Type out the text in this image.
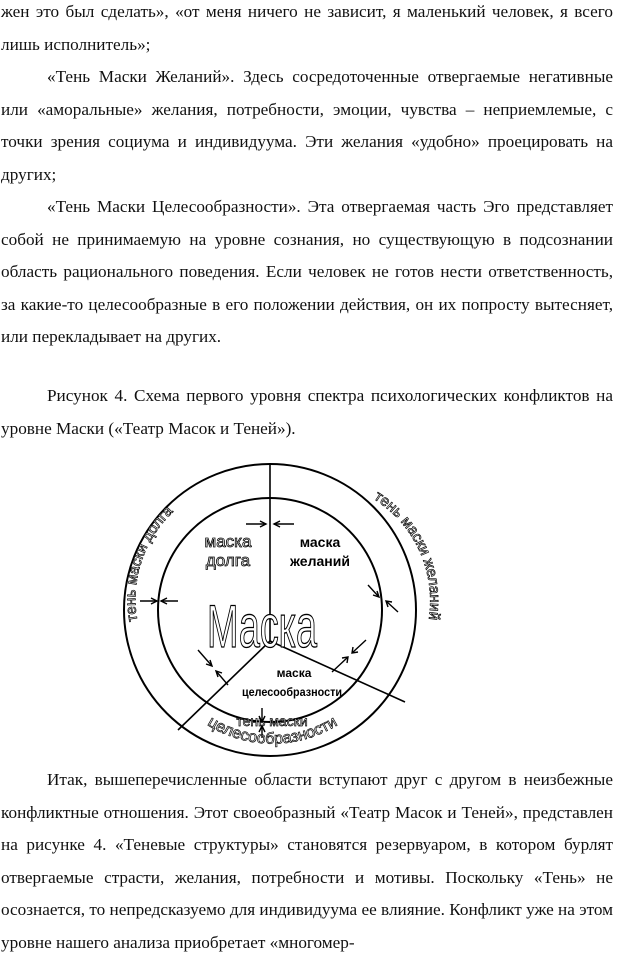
жен это был сделать», «от меня ничего не зависит, я маленький человек, я всего лишь исполнитель»;

«Тень Маски Желаний». Здесь сосредоточенные отвергаемые негативные или «аморальные» желания, потребности, эмоции, чувства – неприемлемые, с точки зрения социума и индивидуума. Эти желания «удобно» проецировать на других;

«Тень Маски Целесообразности». Эта отвергаемая часть Эго представляет собой не принимаемую на уровне сознания, но существующую в подсознании область рационального поведения. Если человек не готов нести ответственность, за какие-то целесообразные в его положении действия, он их попросту вытесняет, или перекладывает на других.

Рисунок 4. Схема первого уровня спектра психологических конфликтов на уровне Маски («Театр Масок и Теней»).

Маска
маска
долга
маска
желаний
маска
целесообразности
тень маски долга
тень маски желаний
тень маски
целесообразности

Итак, вышеперечисленные области вступают друг с другом в неизбежные конфликтные отношения. Этот своеобразный «Театр Масок и Теней», представлен на рисунке 4. «Теневые структуры» становятся резервуаром, в котором бурлят отвергаемые страсти, желания, потребности и мотивы. Поскольку «Тень» не осознается, то непредсказуемо для индивидуума ее влияние. Конфликт уже на этом уровне нашего анализа приобретает «многомер-
